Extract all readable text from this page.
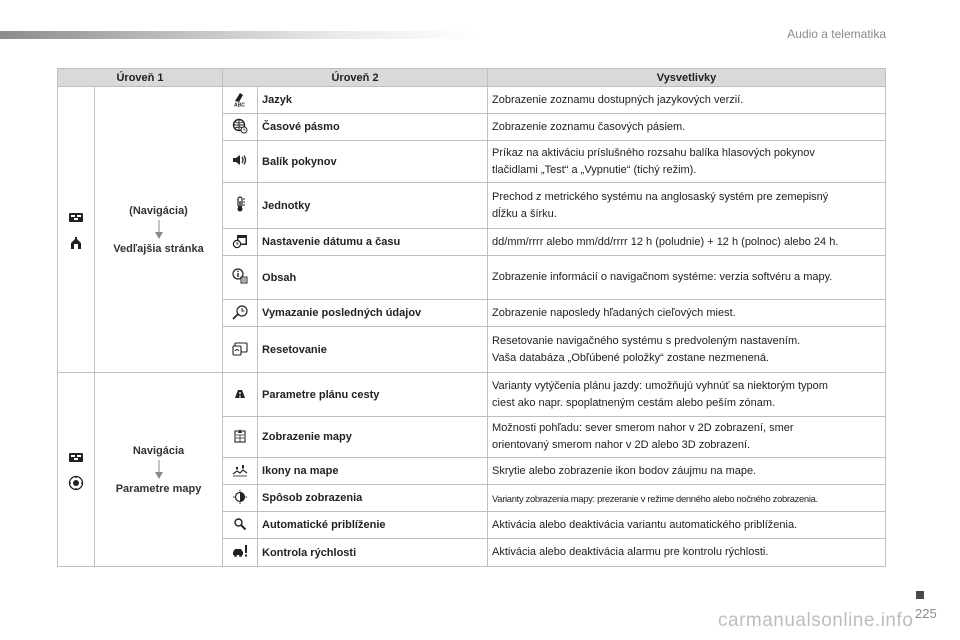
Audio a telematika
Úroveň 1		Úroveň 2		Vysvetlivky

(Navigácia)
Vedľajšia stránka	ABC	Jazyk	Zobrazenie zoznamu dostupných jazykových verzií.
	Časové pásmo	Zobrazenie zoznamu časových pásiem.
	Balík pokynov	Príkaz na aktiváciu príslušného rozsahu balíka hlasových pokynov
tlačidlami „Test“ a „Vypnutie“ (tichý režim).
	Jednotky	Prechod z metrického systému na anglosaský systém pre zemepisný
dĺžku a šírku.
	Nastavenie dátumu a času	dd/mm/rrrr alebo mm/dd/rrrr 12 h (poludnie) + 12 h (polnoc) alebo 24 h.
	Obsah	Zobrazenie informácií o navigačnom systéme: verzia softvéru a mapy.
	Vymazanie posledných údajov	Zobrazenie naposledy hľadaných cieľových miest.
	Resetovanie	Resetovanie navigačného systému s predvoleným nastavením.
Vaša databáza „Obľúbené položky“ zostane nezmenená.

Navigácia
Parametre mapy		Parametre plánu cesty	Varianty vytýčenia plánu jazdy: umožňujú vyhnúť sa niektorým typom
ciest ako napr. spoplatneným cestám alebo peším zónam.
	Zobrazenie mapy	Možnosti pohľadu: sever smerom nahor v 2D zobrazení, smer
orientovaný smerom nahor v 2D alebo 3D zobrazení.
	Ikony na mape	Skrytie alebo zobrazenie ikon bodov záujmu na mape.
	Spôsob zobrazenia	Varianty zobrazenia mapy: prezeranie v režime denného alebo nočného zobrazenia.
	Automatické priblíženie	Aktivácia alebo deaktivácia variantu automatického priblíženia.
	Kontrola rýchlosti	Aktivácia alebo deaktivácia alarmu pre kontrolu rýchlosti.
225
carmanualsonline.info
